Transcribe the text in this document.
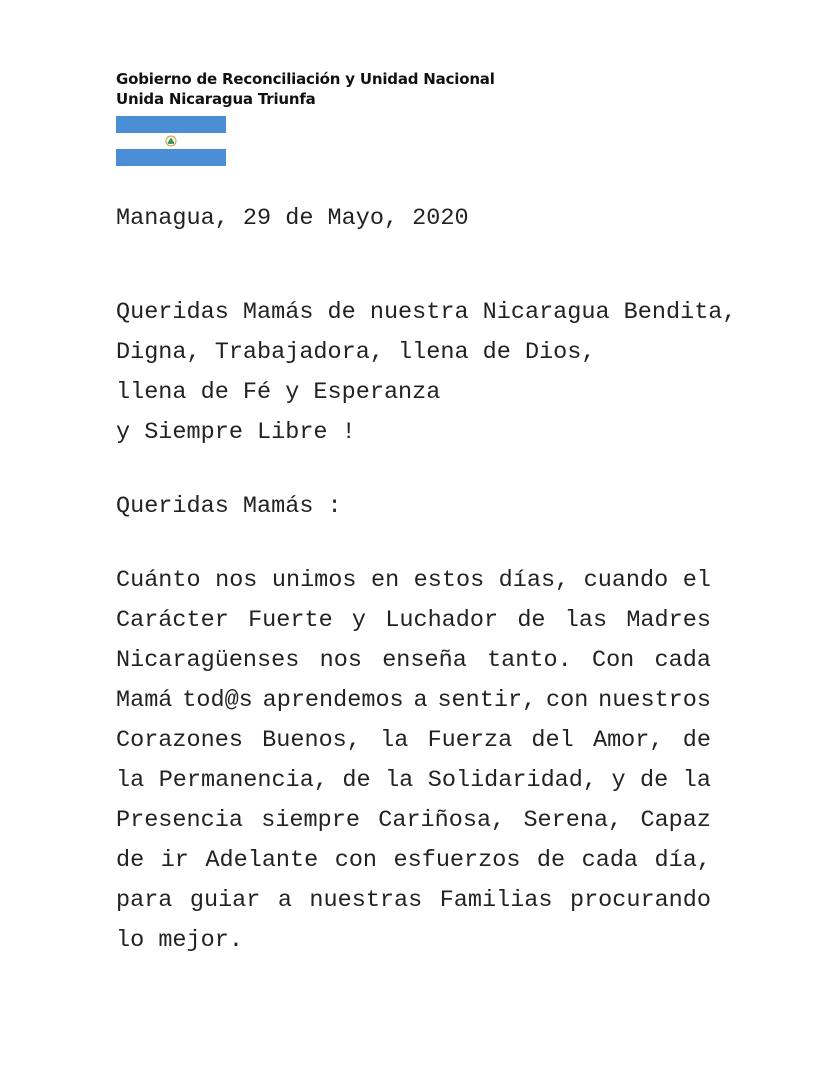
Gobierno de Reconciliación y Unidad Nacional
Unida Nicaragua Triunfa
Managua, 29 de Mayo, 2020
Queridas Mamás de nuestra Nicaragua Bendita,
Digna, Trabajadora, llena de Dios,
llena de Fé y Esperanza
y Siempre Libre !
Queridas Mamás :
Cuánto nos unimos en estos días, cuando el
Carácter Fuerte y Luchador de las Madres
Nicaragüenses nos enseña tanto. Con cada
Mamá tod@s aprendemos a sentir, con nuestros
Corazones Buenos, la Fuerza del Amor, de
la Permanencia, de la Solidaridad, y de la
Presencia siempre Cariñosa, Serena, Capaz
de ir Adelante con esfuerzos de cada día,
para guiar a nuestras Familias procurando
lo mejor.
